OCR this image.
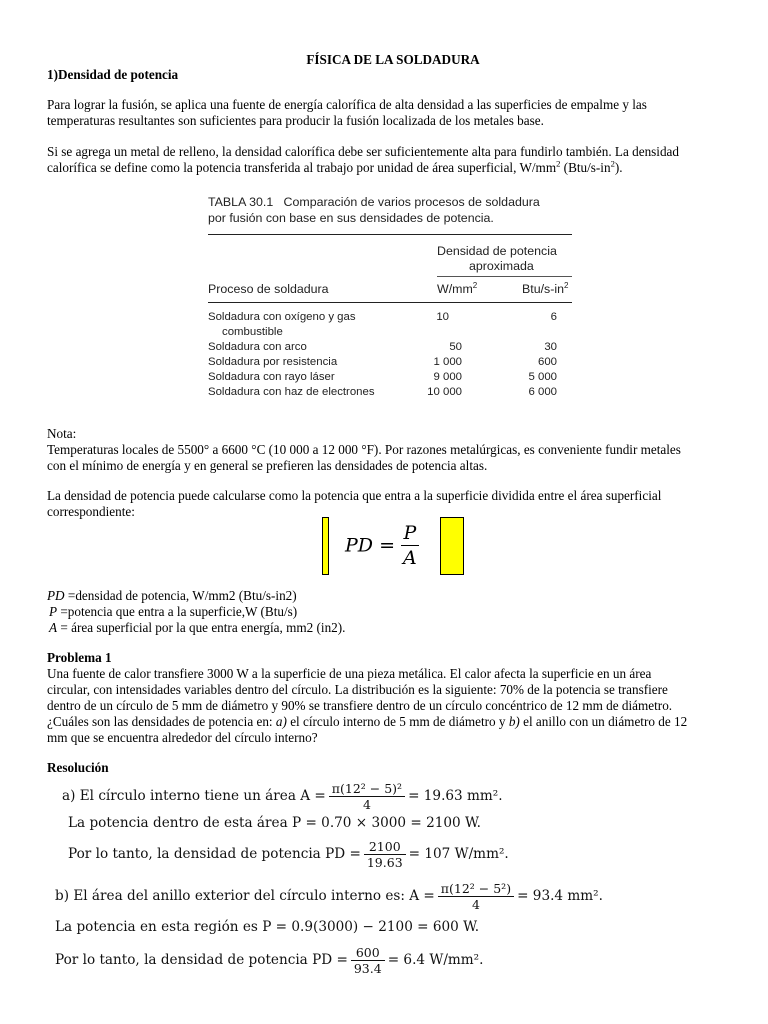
FÍSICA DE LA SOLDADURA
1)Densidad de potencia
Para lograr la fusión, se aplica una fuente de energía calorífica de alta densidad a las superficies de empalme y las
temperaturas resultantes son suficientes para producir la fusión localizada de los metales base.
Si se agrega un metal de relleno, la densidad calorífica debe ser suficientemente alta para fundirlo también. La densidad
calorífica se define como la potencia transferida al trabajo por unidad de área superficial, $W/mm^2$ $(Btu/s-in^2)$.
TABLA 30.1 Comparación de varios procesos de soldadura
por fusión con base en sus densidades de potencia.
Densidad de potencia
aproximada
Proceso de soldadura	$W/mm^2$	Btu/$s-in^2$
Soldadura con oxígeno y gas
combustible
10	6
Soldadura con arco	50	30
Soldadura por resistencia	1 000	600
Soldadura con rayo láser	9 000	5 000
Soldadura con haz de electrones	10 000	6 000
Nota:
Temperaturas locales de 5500° a 6600 °C (10 000 a 12 000 °F). Por razones metalúrgicas, es conveniente fundir metales
con el mínimo de energía y en general se prefieren las densidades de potencia altas.
La densidad de potencia puede calcularse como la potencia que entra a la superficie dividida entre el área superficial
correspondiente:
PD = $\frac{P}{A}$
PD =densidad de potencia, W/mm2 (Btu/s-in2)
P =potencia que entra a la superficie,W (Btu/s)
A = área superficial por la que entra energía, mm2 (in2).
Problema 1
Una fuente de calor transfiere 3000 W a la superficie de una pieza metálica. El calor afecta la superficie en un área
circular, con intensidades variables dentro del círculo. La distribución es la siguiente: 70% de la potencia se transfiere
dentro de un círculo de 5 mm de diámetro y 90% se transfiere dentro de un círculo concéntrico de 12 mm de diámetro.
¿Cuáles son las densidades de potencia en: a) el círculo interno de 5 mm de diámetro y b) el anillo con un diámetro de 12
mm que se encuentra alrededor del círculo interno?
Resolución
a) El círculo interno tiene un área $A = \frac{\text{π(12² − 5)²}}{4} = 19.63$ mm².
La potencia dentro de esta área P = 0.70 × 3000 = 2100 W.
Por lo tanto, la densidad de potencia PD = $\frac{2100}{19.63} = 107$ W/mm².
b) El área del anillo exterior del círculo interno es: $A = \frac{\text{π(12² − 5²)}}{4} = 93.4$ mm².
La potencia en esta región es P = 0.9(3000) − 2100 = 600 W.
Por lo tanto, la densidad de potencia PD = $\frac{600}{93.4} = 6.4$ W/mm².
